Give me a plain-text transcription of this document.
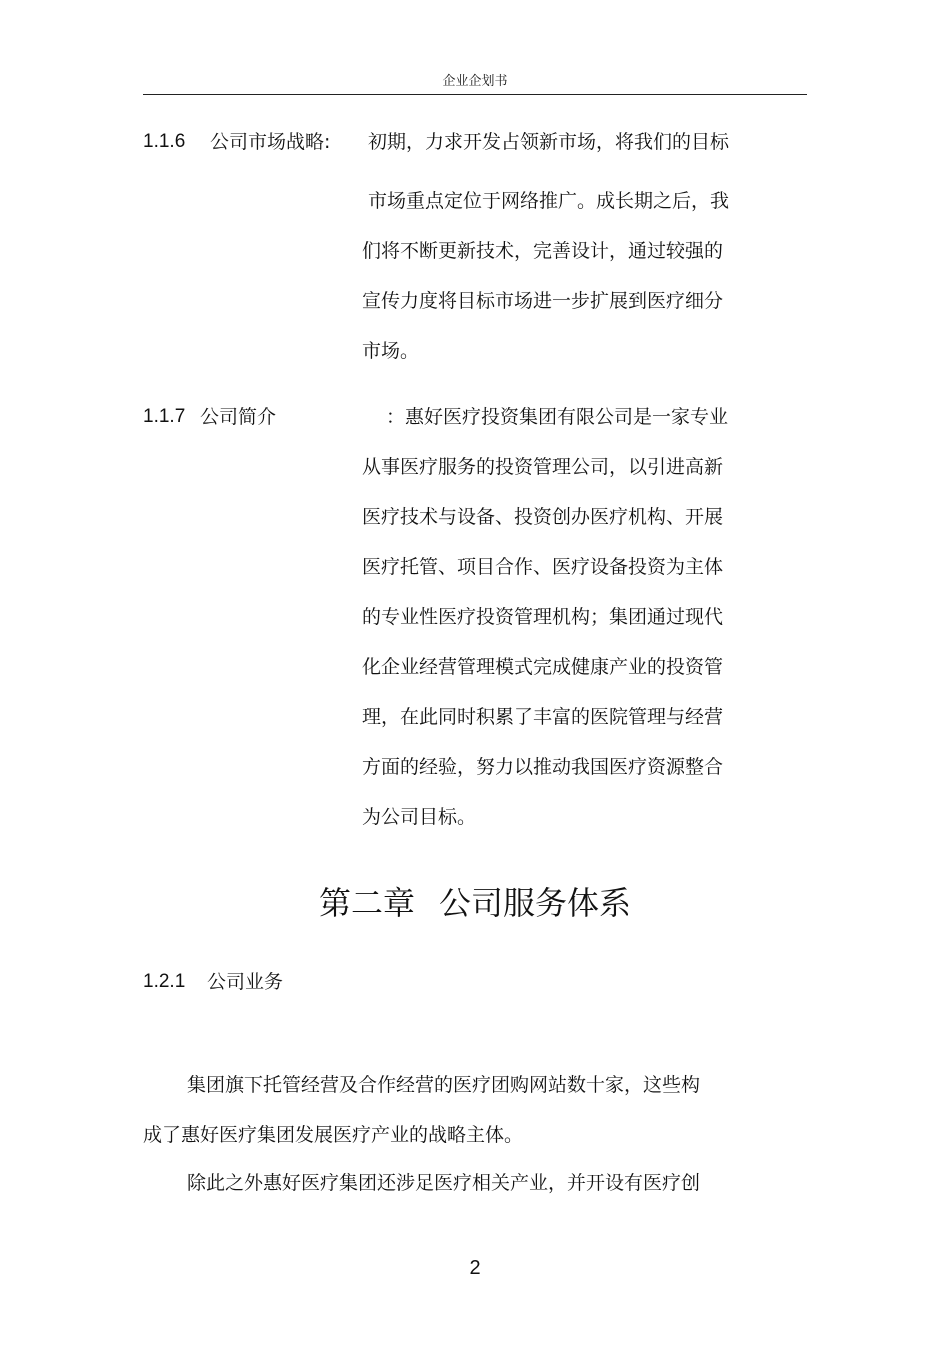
企业企划书
1.1.6 公司市场战略: 初期，力求开发占领新市场，将我们的目标
市场重点定位于网络推广。成长期之后，我
们将不断更新技术，完善设计，通过较强的
宣传力度将目标市场进一步扩展到医疗细分
市场。
1.1.7 公司简介	：惠好医疗投资集团有限公司是一家专业
从事医疗服务的投资管理公司，以引进高新
医疗技术与设备、投资创办医疗机构、开展
医疗托管、项目合作、医疗设备投资为主体
的专业性医疗投资管理机构；集团通过现代
化企业经营管理模式完成健康产业的投资管
理，在此同时积累了丰富的医院管理与经营
方面的经验，努力以推动我国医疗资源整合
为公司目标。
第二章 公司服务体系
1.2.1 公司业务
集团旗下托管经营及合作经营的医疗团购网站数十家，这些构
成了惠好医疗集团发展医疗产业的战略主体。
除此之外惠好医疗集团还涉足医疗相关产业，并开设有医疗创
2
